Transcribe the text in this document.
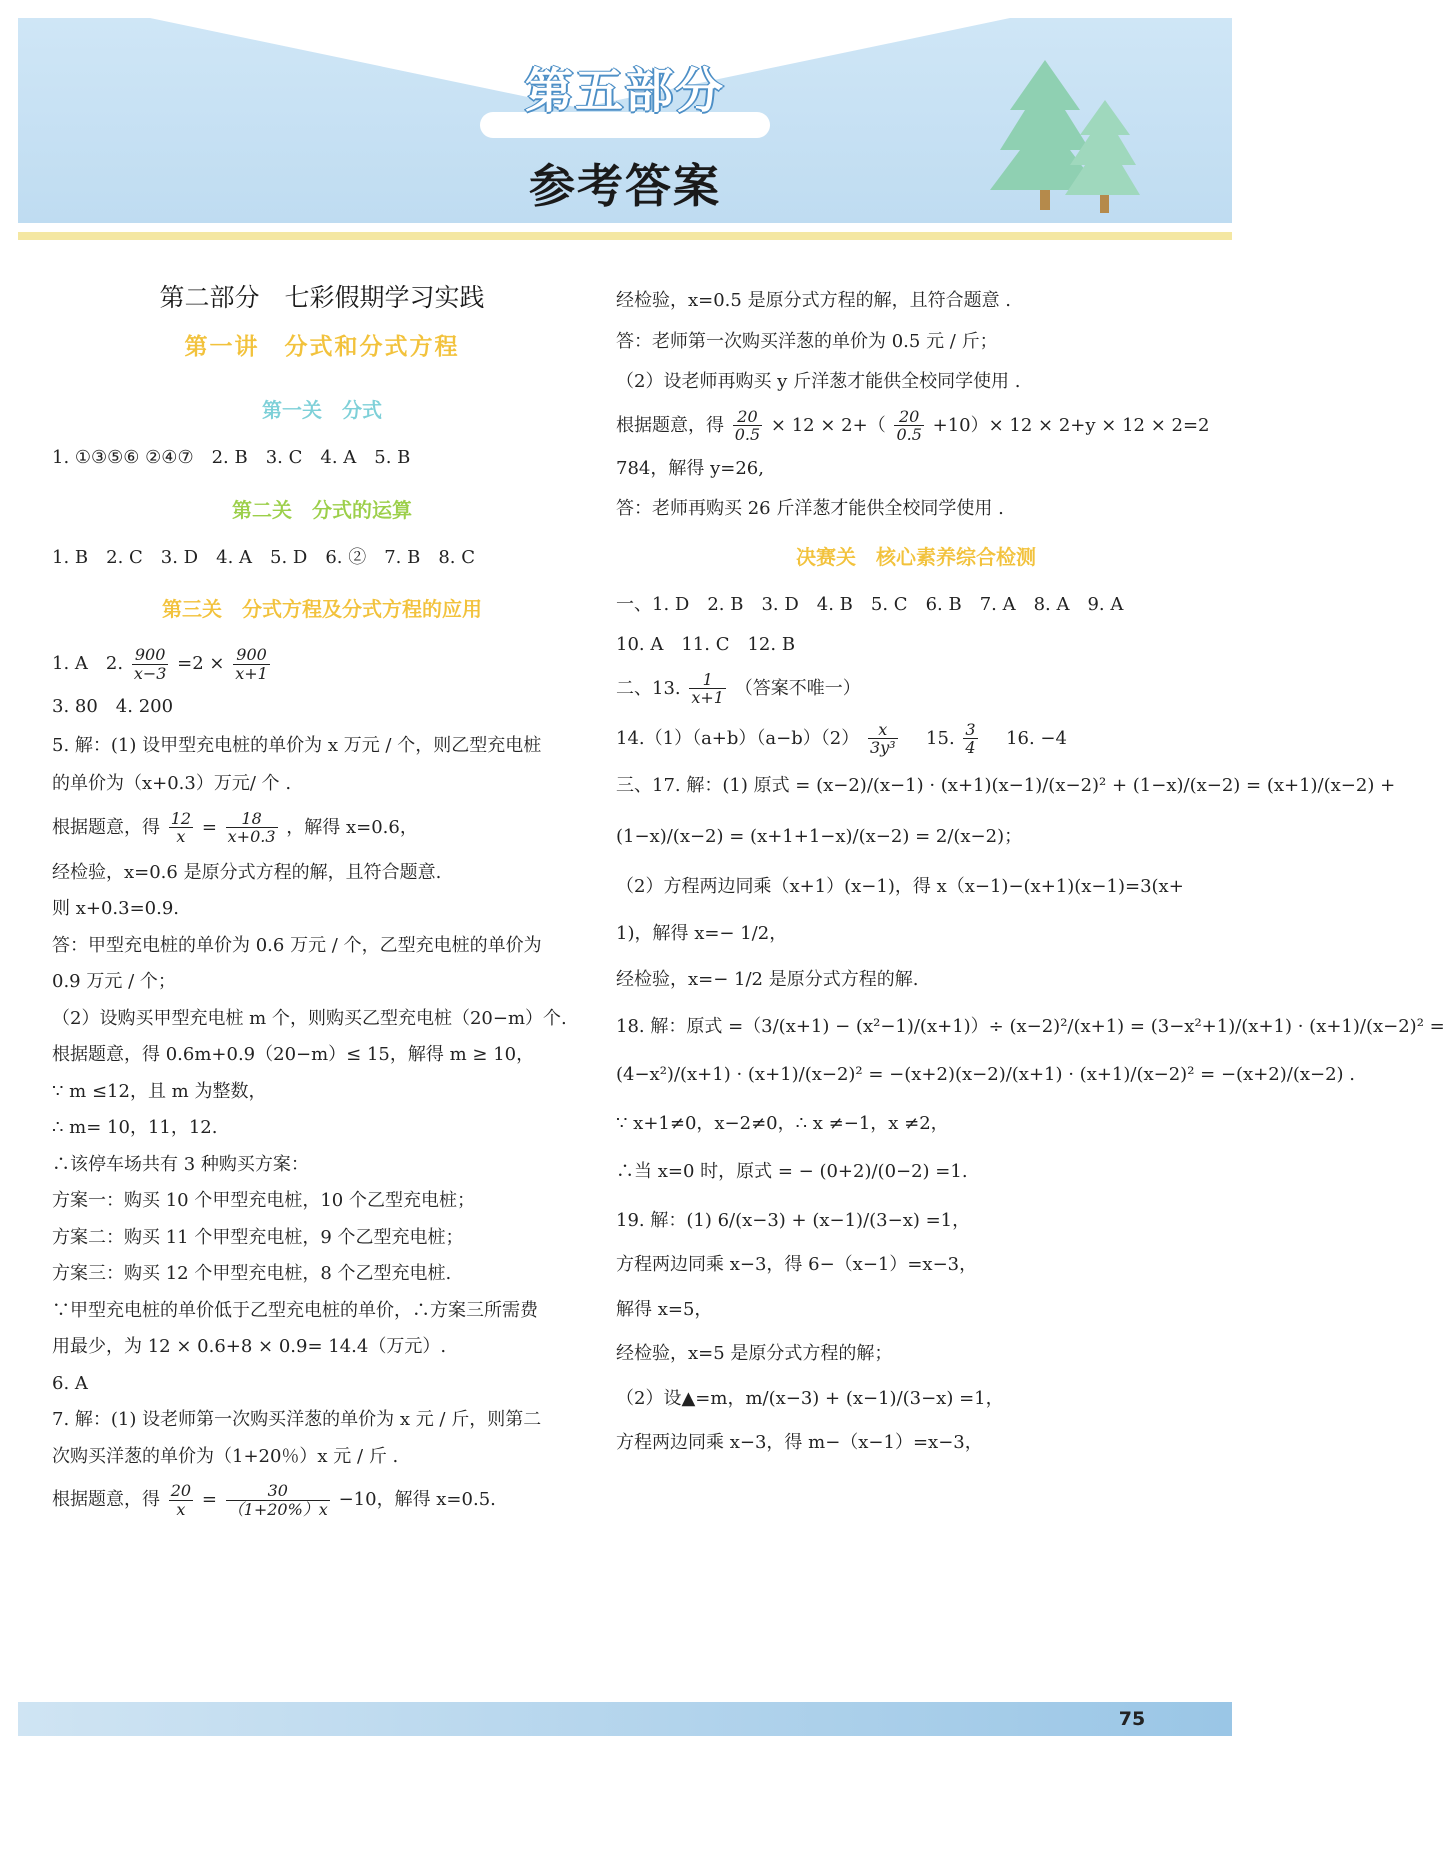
第五部分
参考答案

第二部分　七彩假期学习实践

第一讲　分式和分式方程

第一关　分式

1. ①③⑤⑥ ②④⑦　2. B　3. C　4. A　5. B

第二关　分式的运算

1. B　2. C　3. D　4. A　5. D　6. ②　7. B　8. C

第三关　分式方程及分式方程的应用

1. A　2. $\frac{900}{x-3} =2 \times \frac{900}{x+1}$

3. 80　4. 200

5. 解：(1) 设甲型充电桩的单价为 x 万元 / 个，则乙型充电桩

的单价为（x+0.3）万元/ 个 .

根据题意，得 $\frac{12}{x} = \frac{18}{x+0.3}$ ，解得 x=0.6，

经检验，x=0.6 是原分式方程的解，且符合题意.

则 x+0.3=0.9.

答：甲型充电桩的单价为 0.6 万元 / 个，乙型充电桩的单价为

0.9 万元 / 个；

（2）设购买甲型充电桩 m 个，则购买乙型充电桩（20−m）个.

根据题意，得 0.6m+0.9（20−m）≤ 15，解得 m ≥ 10，

∵ m ≤12，且 m 为整数，

∴ m= 10，11，12.

∴该停车场共有 3 种购买方案：

方案一：购买 10 个甲型充电桩，10 个乙型充电桩；

方案二：购买 11 个甲型充电桩，9 个乙型充电桩；

方案三：购买 12 个甲型充电桩，8 个乙型充电桩.

∵甲型充电桩的单价低于乙型充电桩的单价，∴方案三所需费

用最少，为 12 × 0.6+8 × 0.9= 14.4（万元）.

6. A

7. 解：(1) 设老师第一次购买洋葱的单价为 x 元 / 斤，则第二

次购买洋葱的单价为（1+20％）x 元 / 斤 .

根据题意，得 $\frac{20}{x} = \frac{30}{(1+20\%)x} -10$，解得 x=0.5.

经检验，x=0.5 是原分式方程的解，且符合题意 .

答：老师第一次购买洋葱的单价为 0.5 元 / 斤；

（2）设老师再购买 y 斤洋葱才能供全校同学使用 .

根据题意，得 $\frac{20}{0.5} \times 12 \times 2+( \frac{20}{0.5} +10)\times 12 \times 2+y \times 12 \times 2=2$

784，解得 y=26,

答：老师再购买 26 斤洋葱才能供全校同学使用 .

决赛关　核心素养综合检测

一、1. D　2. B　3. D　4. B　5. C　6. B　7. A　8. A　9. A

10. A　11. C　12. B

二、13. $\frac{1}{x+1}$ （答案不唯一）

$14.(1)(a+b)(a-b)(2) \frac{x}{\text{3y³}} 15$. $\frac{3}{4} 16$. −4

三、17. 解：(1) 原式 = (x−2)/(x−1) · (x+1)(x−1)/(x−2)² + (1−x)/(x−2) = (x+1)/(x−2) +

(1−x)/(x−2) = (x+1+1−x)/(x−2) = 2/(x−2)；

（2）方程两边同乘（x+1）(x−1)，得 x（x−1)−(x+1)(x−1)=3(x+

1)，解得 x=− 1/2，

经检验，x=− 1/2 是原分式方程的解.

18. 解：原式 =（3/(x+1) − (x²−1)/(x+1)）÷ (x−2)²/(x+1) = (3−x²+1)/(x+1) · (x+1)/(x−2)² =

(4−x²)/(x+1) · (x+1)/(x−2)² = −(x+2)(x−2)/(x+1) · (x+1)/(x−2)² = −(x+2)/(x−2) .

∵ x+1≠0，x−2≠0，∴ x ≠−1，x ≠2，

∴当 x=0 时，原式 = − (0+2)/(0−2) =1.

19. 解：(1) 6/(x−3) + (x−1)/(3−x) =1，

方程两边同乘 x−3，得 6−（x−1）=x−3，

解得 x=5，

经检验，x=5 是原分式方程的解；

（2）设▲=m，m/(x−3) + (x−1)/(3−x) =1，

方程两边同乘 x−3，得 m−（x−1）=x−3，

75
